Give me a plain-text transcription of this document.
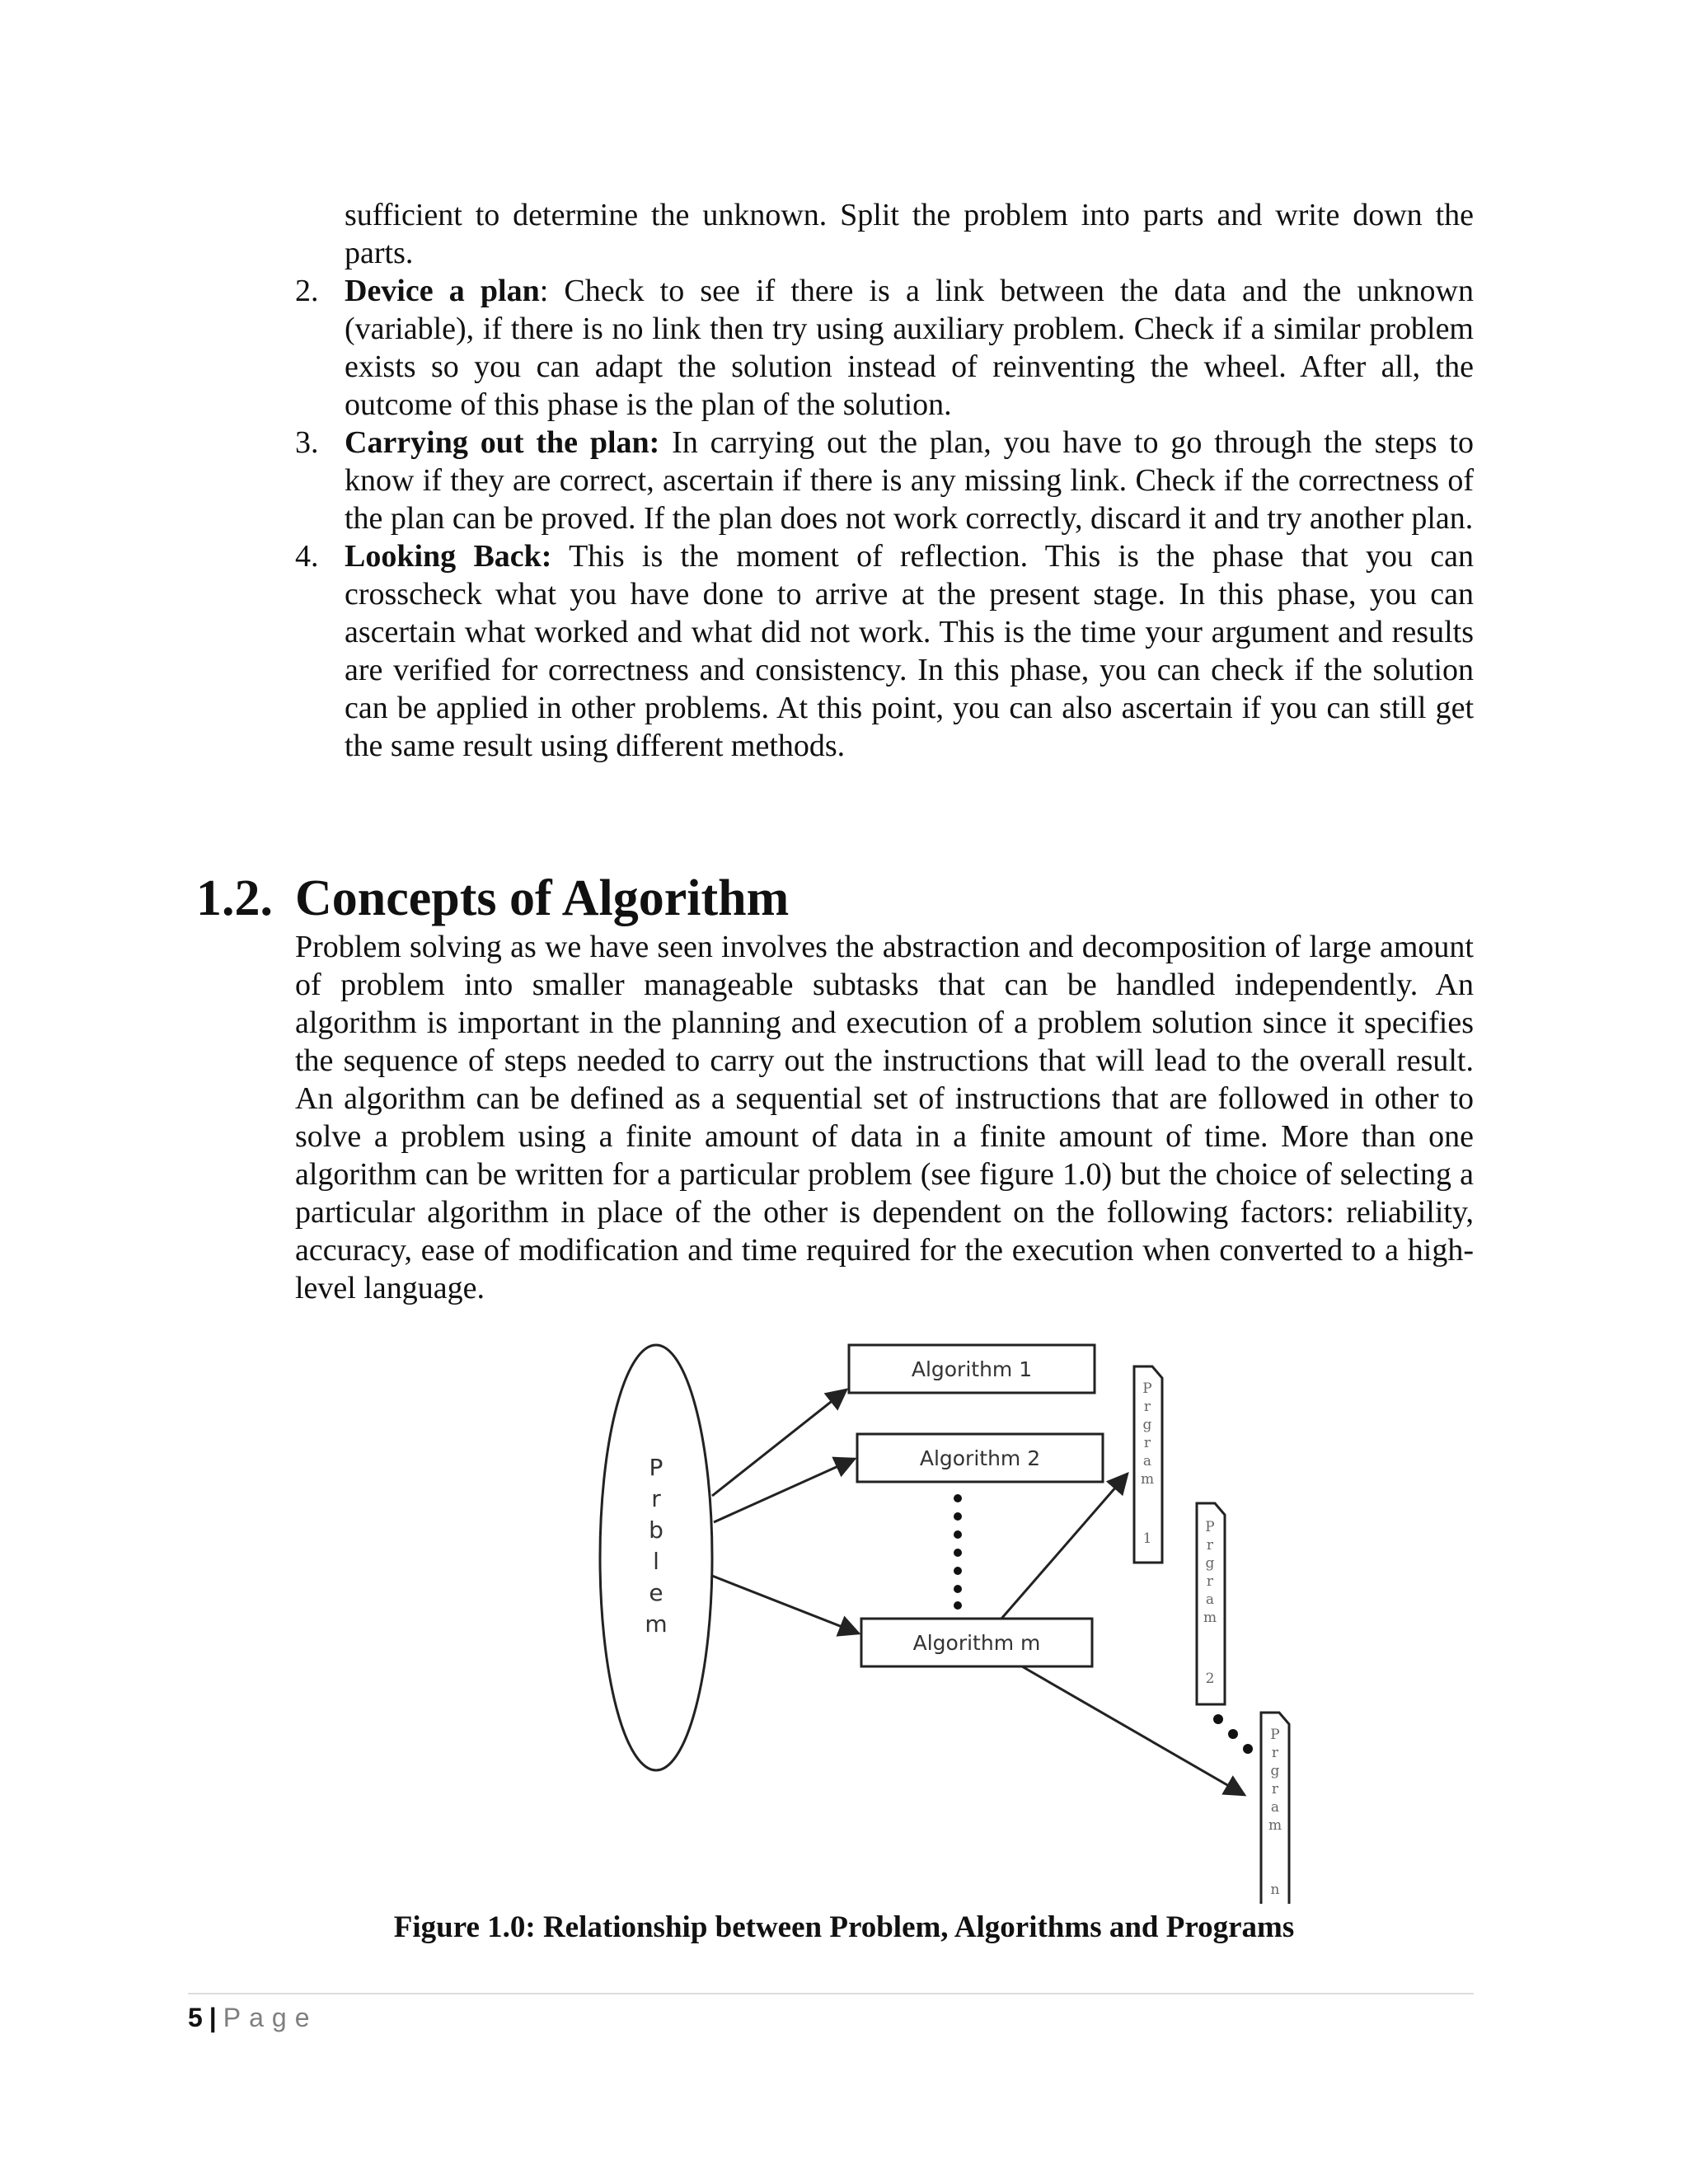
sufficient to determine the unknown. Split the problem into parts and write down the parts.

2. Device a plan: Check to see if there is a link between the data and the unknown (variable), if there is no link then try using auxiliary problem. Check if a similar problem exists so you can adapt the solution instead of reinventing the wheel. After all, the outcome of this phase is the plan of the solution.
3. Carrying out the plan: In carrying out the plan, you have to go through the steps to know if they are correct, ascertain if there is any missing link. Check if the correctness of the plan can be proved. If the plan does not work correctly, discard it and try another plan.
4. Looking Back: This is the moment of reflection. This is the phase that you can crosscheck what you have done to arrive at the present stage. In this phase, you can ascertain what worked and what did not work. This is the time your argument and results are verified for correctness and consistency. In this phase, you can check if the solution can be applied in other problems. At this point, you can also ascertain if you can still get the same result using different methods.
1.2. Concepts of Algorithm

Problem solving as we have seen involves the abstraction and decomposition of large amount of problem into smaller manageable subtasks that can be handled independently. An algorithm is important in the planning and execution of a problem solution since it specifies the sequence of steps needed to carry out the instructions that will lead to the overall result. An algorithm can be defined as a sequential set of instructions that are followed in other to solve a problem using a finite amount of data in a finite amount of time. More than one algorithm can be written for a particular problem (see figure 1.0) but the choice of selecting a particular algorithm in place of the other is dependent on the following factors: reliability, accuracy, ease of modification and time required for the execution when converted to a high-level language.

P
r
b
l
e
m
Algorithm 1
Algorithm 2
Algorithm m
P
r
g
r
a
m
1
P
r
g
r
a
m
2
P
r
g
r
a
m
n

Figure 1.0: Relationship between Problem, Algorithms and Programs

5 | Page
